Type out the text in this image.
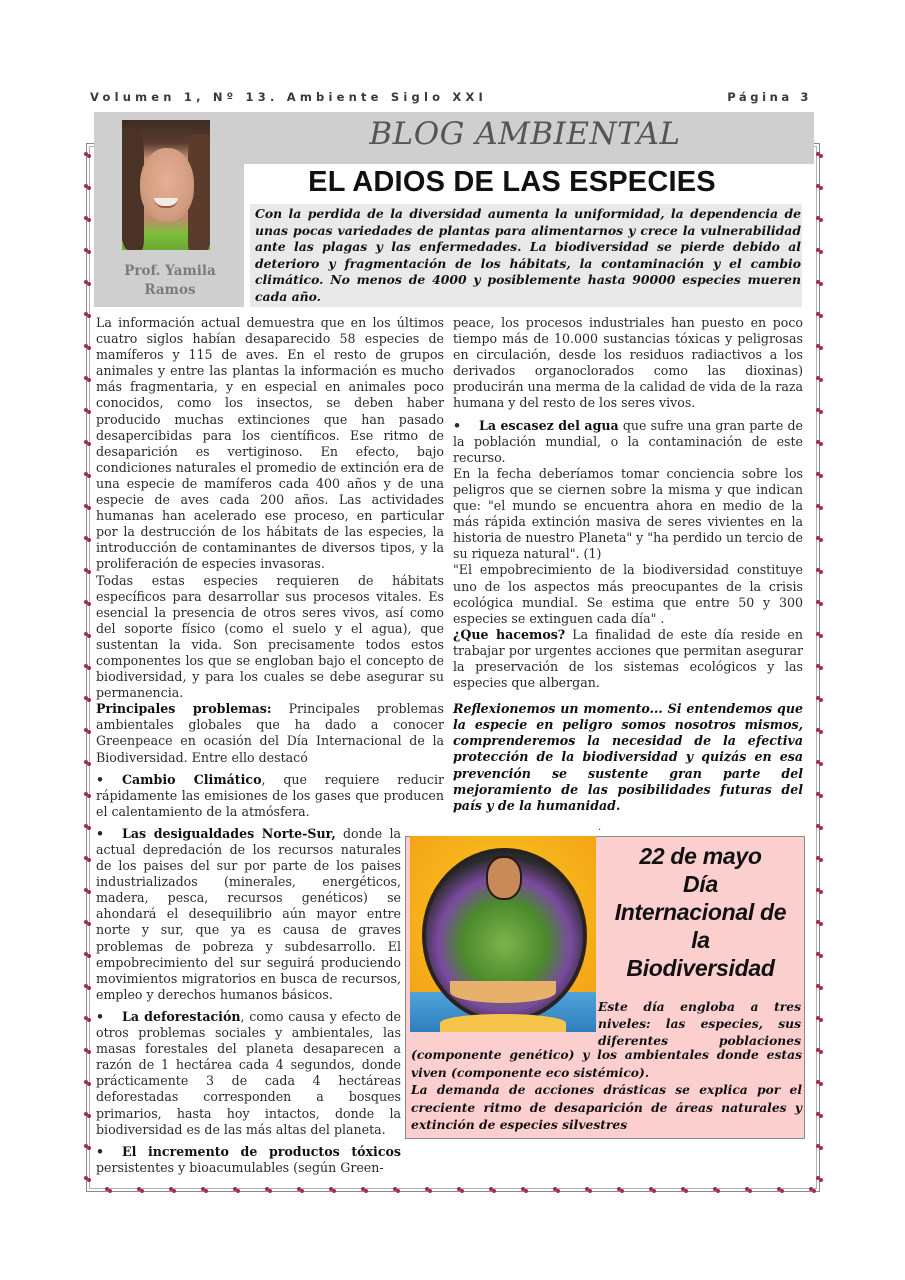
Volumen 1, Nº 13. Ambiente Siglo XXI	Página 3
Prof. Yamila
Ramos
BLOG AMBIENTAL
EL ADIOS DE LAS ESPECIES
Con la perdida de la diversidad aumenta la uniformidad, la dependencia de unas pocas variedades de plantas para alimentarnos y crece la vulnerabilidad ante las plagas y las enfermedades. La biodiversidad se pierde debido al deterioro y fragmentación de los hábitats, la contaminación y el cambio climático. No menos de 4000 y posiblemente hasta 90000 especies mueren cada año.

La información actual demuestra que en los últimos cuatro siglos habían desaparecido 58 especies de mamíferos y 115 de aves. En el resto de grupos animales y entre las plantas la información es mucho más fragmentaria, y en especial en animales poco conocidos, como los insectos, se deben haber producido muchas extinciones que han pasado desapercibidas para los científicos. Ese ritmo de desaparición es vertiginoso. En efecto, bajo condiciones naturales el promedio de extinción era de una especie de mamíferos cada 400 años y de una especie de aves cada 200 años. Las actividades humanas han acelerado ese proceso, en particular por la destrucción de los hábitats de las especies, la introducción de contaminantes de diversos tipos, y la proliferación de especies invasoras.

Todas estas especies requieren de hábitats específicos para desarrollar sus procesos vitales. Es esencial la presencia de otros seres vivos, así como del soporte físico (como el suelo y el agua), que sustentan la vida. Son precisamente todos estos componentes los que se engloban bajo el concepto de biodiversidad, y para los cuales se debe asegurar su permanencia.

Principales problemas: Principales problemas ambientales globales que ha dado a conocer Greenpeace en ocasión del Día Internacional de la Biodiversidad. Entre ello destacó

• Cambio Climático, que requiere reducir rápidamente las emisiones de los gases que producen el calentamiento de la atmósfera.

• Las desigualdades Norte-Sur, donde la actual depredación de los recursos naturales de los paises del sur por parte de los paises industrializados (minerales, energéticos, madera, pesca, recursos genéticos) se ahondará el desequilibrio aún mayor entre norte y sur, que ya es causa de graves problemas de pobreza y subdesarrollo. El empobrecimiento del sur seguirá produciendo movimientos migratorios en busca de recursos, empleo y derechos humanos básicos.

• La deforestación, como causa y efecto de otros problemas sociales y ambientales, las masas forestales del planeta desaparecen a razón de 1 hectárea cada 4 segundos, donde prácticamente 3 de cada 4 hectáreas deforestadas corresponden a bosques primarios, hasta hoy intactos, donde la biodiversidad es de las más altas del planeta.

• El incremento de productos tóxicos persistentes y bioacumulables (según Green-

peace, los procesos industriales han puesto en poco tiempo más de 10.000 sustancias tóxicas y peligrosas en circulación, desde los residuos radiactivos a los derivados organoclorados como las dioxinas) producirán una merma de la calidad de vida de la raza humana y del resto de los seres vivos.

• La escasez del agua que sufre una gran parte de la población mundial, o la contaminación de este recurso.

En la fecha deberíamos tomar conciencia sobre los peligros que se ciernen sobre la misma y que indican que: "el mundo se encuentra ahora en medio de la más rápida extinción masiva de seres vivientes en la historia de nuestro Planeta" y "ha perdido un tercio de su riqueza natural". (1)

"El empobrecimiento de la biodiversidad constituye uno de los aspectos más preocupantes de la crisis ecológica mundial. Se estima que entre 50 y 300 especies se extinguen cada día" .

¿Que hacemos? La finalidad de este día reside en trabajar por urgentes acciones que permitan asegurar la preservación de los sistemas ecológicos y las especies que albergan.

Reflexionemos un momento... Si entendemos que la especie en peligro somos nosotros mismos, comprenderemos la necesidad de la efectiva protección de la biodiversidad y quizás en esa prevención se sustente gran parte del mejoramiento de las posibilidades futuras del país y de la humanidad.

.
22 de mayo
Día
Internacional de
la
Biodiversidad
Este día engloba a tres niveles: las especies, sus diferentes poblaciones

(componente genético) y los ambientales donde estas viven (componente eco sistémico).

La demanda de acciones drásticas se explica por el creciente ritmo de desaparición de áreas naturales y extinción de especies silvestres
